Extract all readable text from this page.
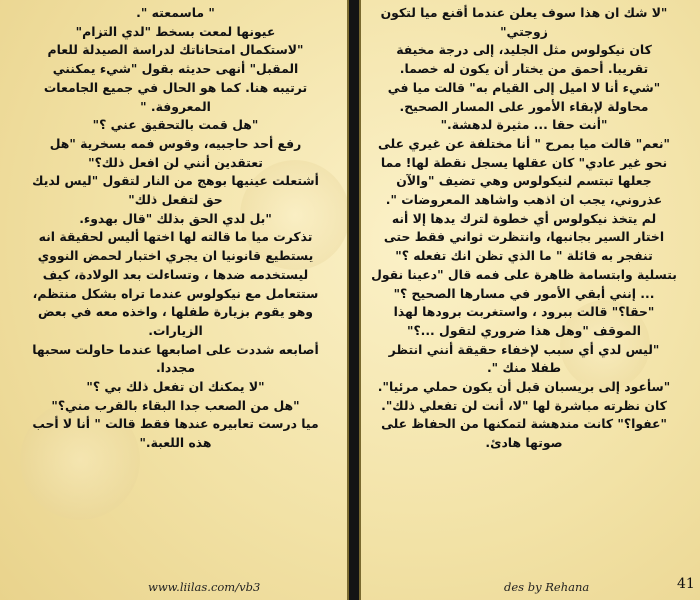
" ماسمعته ".

عيونها لمعت بسخط "لدي التزام"

"لاستكمال امتحاناتك لدراسة الصيدلة للعام

المقبل" أنهى حديثه بقول "شيء يمكنني

ترتيبه هنا. كما هو الحال في جميع الجامعات

المعروفة. "

"هل قمت بالتحقيق عني ؟"

رفع أحد حاجبيه، وقوس فمه بسخرية "هل

تعتقدين أنني لن افعل ذلك؟"

أشتعلت عينيها بوهج من النار لتقول "ليس لديك

حق لتفعل ذلك"

"بل لدي الحق بذلك "قال بهدوء.

تذكرت ميا ما قالته لها اختها أليس لحقيقة انه

يستطيع قانونيا ان يجري اختبار لحمض النووي

ليستخدمه ضدها ، وتساءلت بعد الولادة، كيف

ستتعامل مع نيكولوس عندما تراه بشكل منتظم،

وهو يقوم بزيارة طفلها ، واخذه معه في بعض

الزيارات.

أصابعه شددت على اصابعها عندما حاولت سحبها

مجددا.

"لا يمكنك ان تفعل ذلك بي ؟"

"هل من الصعب جدا البقاء بالقرب مني؟"

ميا درست تعابيره عندها فقط قالت " أنا لا أحب

هذه اللعبة."

"لا شك ان هذا سوف يعلن عندما أقنع ميا لتكون

زوجتي"

كان نيكولوس مثل الجليد، إلى درجة مخيفة

تقريبا. أحمق من يختار أن يكون له خصما.

"شيء أنا لا اميل إلى القيام به" قالت ميا في

محاولة لإبقاء الأمور على المسار الصحيح.

"أنت حقا ... مثيرة لدهشة."

"نعم" قالت ميا بمرح " أنا مختلفة عن غيري على

نحو غير عادي" كان عقلها يسجل نقطة لها! مما

جعلها تبتسم لنيكولوس وهي تضيف "والآن

عذروني، يجب ان اذهب واشاهد المعروضات ".

لم يتخذ نيكولوس أي خطوة لترك يدها إلا أنه

اختار السير بجانبها، وانتظرت ثواني فقط حتى

تنفجر به قائلة " ما الذي تظن انك تفعله ؟"

بتسلية وابتسامة ظاهرة على فمه قال "دعينا نقول

... إنني أبقي الأمور في مسارها الصحيح ؟"

"حقا؟" قالت ببرود ، واستغربت برودها لهذا

الموقف "وهل هذا ضروري لتقول ...؟"

"ليس لدي أي سبب لإخفاء حقيقة أنني انتظر

طفلا منك ".

"سأعود إلى بريسبان قبل أن يكون حملي مرئيا".

كان نظرته مباشرة لها "لا، أنت لن تفعلي ذلك".

"عفوا؟" كانت مندهشة لتمكنها من الحفاظ على

صوتها هادئ.

www.liilas.com/vb3	des by Rehana	41
